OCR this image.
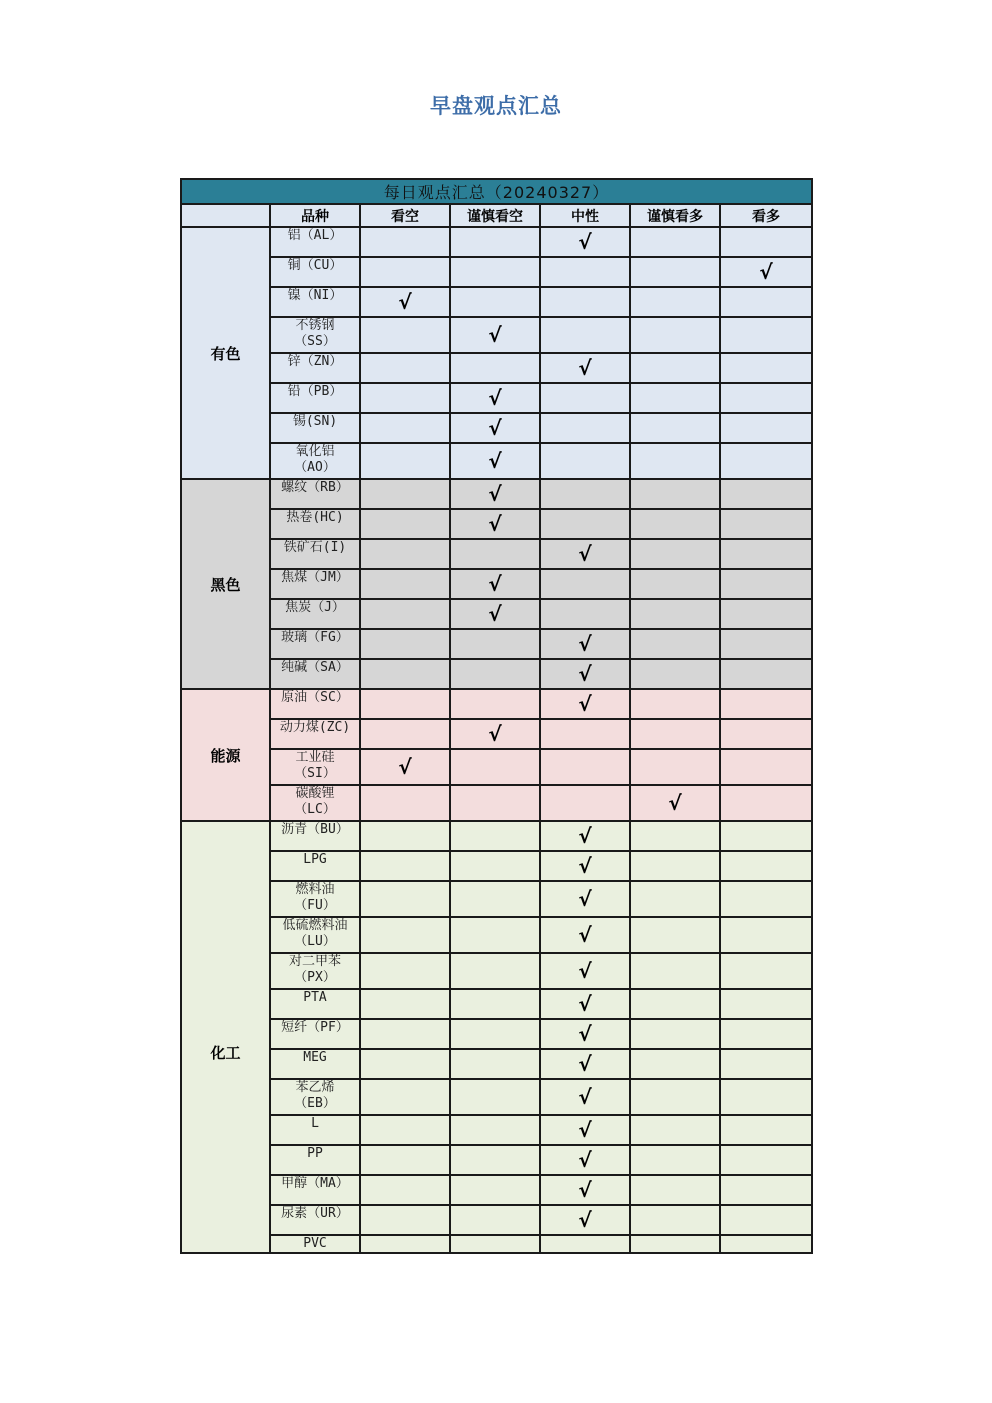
早盘观点汇总
每日观点汇总（20240327）						
	品种	看空	谨慎看空	中性	谨慎看多	看多
有色	铝（AL）			√		
	铜（CU）					√
	镍（NI）	√				
	不锈钢
（SS）		√			
	锌（ZN）			√		
	铅（PB）		√			
	锡(SN)		√			
	氧化铝
（AO）		√			
黑色	螺纹（RB）		√			
	热卷(HC)		√			
	铁矿石(I)			√		
	焦煤（JM）		√			
	焦炭（J）		√			
	玻璃（FG）			√		
	纯碱（SA）			√		
能源	原油（SC）			√		
	动力煤(ZC)		√			
	工业硅
（SI）	√				
	碳酸锂
（LC）				√	
化工	沥青（BU）			√		
	LPG			√		
	燃料油
（FU）			√		
	低硫燃料油
（LU）			√		
	对二甲苯
（PX）			√		
	PTA			√		
	短纤（PF）			√		
	MEG			√		
	苯乙烯
（EB）			√		
	L			√		
	PP			√		
	甲醇（MA）			√		
	尿素（UR）			√		
	PVC					
